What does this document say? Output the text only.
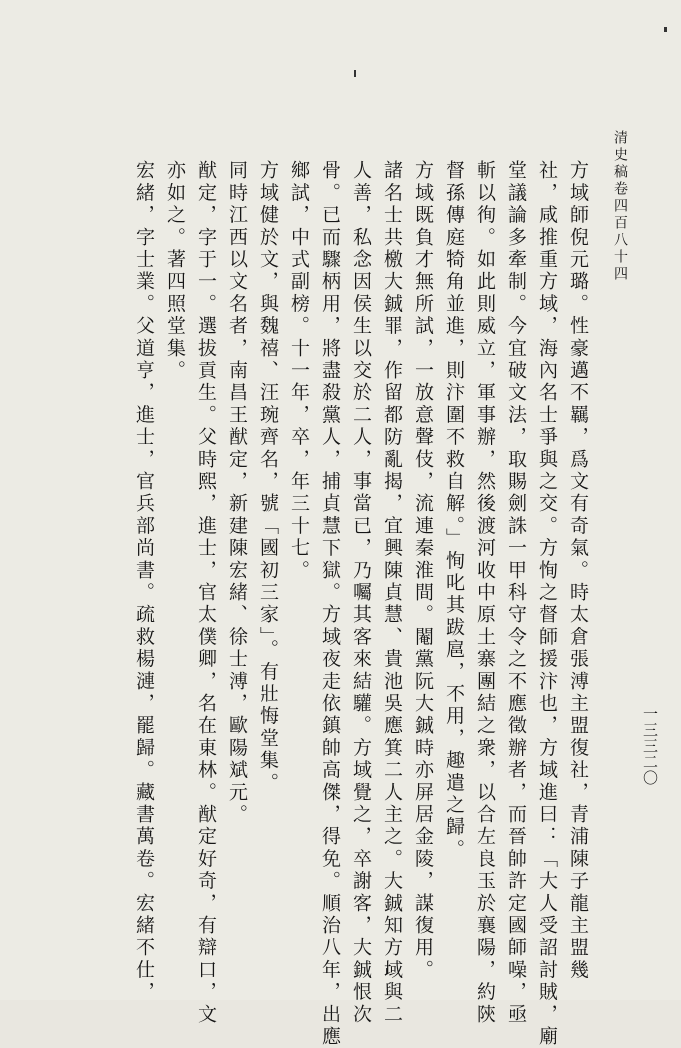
清史稿卷四百八十四
一三三二〇
方域師倪元璐。性豪邁不羈，爲文有奇氣。時太倉張溥主盟復社，青浦陳子龍主盟幾
社，咸推重方域，海內名士爭與之交。方恂之督師援汴也，方域進曰：「大人受詔討賊，廟
堂議論多牽制。今宜破文法，取賜劍誅一甲科守令之不應徵辦者，而晉帥許定國師噪，亟
斬以徇。如此則威立，軍事辦，然後渡河收中原土寨團結之衆，以合左良玉於襄陽，約陝
督孫傳庭犄角並進，則汴圍不救自解。」恂叱其跋扈，不用，趣遣之歸。
方域既負才無所試，一放意聲伎，流連秦淮間。閹黨阮大鋮時亦屏居金陵，謀復用。
諸名士共檄大鋮罪，作留都防亂揭，宜興陳貞慧、貴池吳應箕二人主之。大鋮知方域與二
人善，私念因侯生以交於二人，事當已，乃囑其客來結驩。方域覺之，卒謝客，大鋮恨次
骨。已而驟柄用，將盡殺黨人，捕貞慧下獄。方域夜走依鎮帥高傑，得免。順治八年，出應
鄉試，中式副榜。十一年，卒，年三十七。
方域健於文，與魏禧、汪琬齊名，號「國初三家」。有壯悔堂集。
同時江西以文名者，南昌王猷定，新建陳宏緒、徐士溥，歐陽斌元。
猷定，字于一。選拔貢生。父時熙，進士，官太僕卿，名在東林。猷定好奇，有辯口，文
亦如之。著四照堂集。
宏緒，字士業。父道亨，進士，官兵部尚書。疏救楊漣，罷歸。藏書萬卷。宏緒不仕，
